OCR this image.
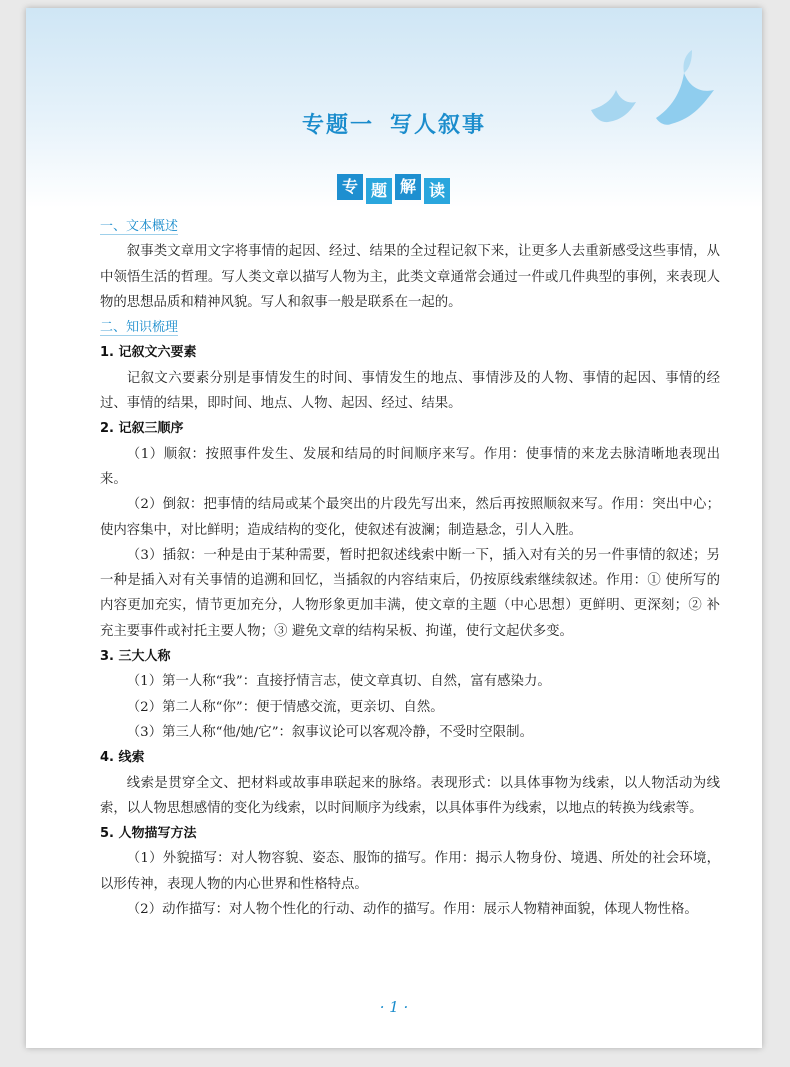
专题一 写人叙事
专 题 解 读
一、文本概述

叙事类文章用文字将事情的起因、经过、结果的全过程记叙下来，让更多人去重新感受这些事情，从中领悟生活的哲理。写人类文章以描写人物为主，此类文章通常会通过一件或几件典型的事例，来表现人物的思想品质和精神风貌。写人和叙事一般是联系在一起的。

二、知识梳理
1. 记叙文六要素

记叙文六要素分别是事情发生的时间、事情发生的地点、事情涉及的人物、事情的起因、事情的经过、事情的结果，即时间、地点、人物、起因、经过、结果。

2. 记叙三顺序

（1）顺叙：按照事件发生、发展和结局的时间顺序来写。作用：使事情的来龙去脉清晰地表现出来。

（2）倒叙：把事情的结局或某个最突出的片段先写出来，然后再按照顺叙来写。作用：突出中心；使内容集中，对比鲜明；造成结构的变化，使叙述有波澜；制造悬念，引人入胜。

（3）插叙：一种是由于某种需要，暂时把叙述线索中断一下，插入对有关的另一件事情的叙述；另一种是插入对有关事情的追溯和回忆，当插叙的内容结束后，仍按原线索继续叙述。作用：① 使所写的内容更加充实，情节更加充分，人物形象更加丰满，使文章的主题（中心思想）更鲜明、更深刻；② 补充主要事件或衬托主要人物；③ 避免文章的结构呆板、拘谨，使行文起伏多变。

3. 三大人称

（1）第一人称“我”：直接抒情言志，使文章真切、自然，富有感染力。

（2）第二人称“你”：便于情感交流，更亲切、自然。

（3）第三人称“他/她/它”：叙事议论可以客观冷静，不受时空限制。

4. 线索

线索是贯穿全文、把材料或故事串联起来的脉络。表现形式：以具体事物为线索，以人物活动为线索，以人物思想感情的变化为线索，以时间顺序为线索，以具体事件为线索，以地点的转换为线索等。

5. 人物描写方法

（1）外貌描写：对人物容貌、姿态、服饰的描写。作用：揭示人物身份、境遇、所处的社会环境，以形传神，表现人物的内心世界和性格特点。

（2）动作描写：对人物个性化的行动、动作的描写。作用：展示人物精神面貌，体现人物性格。

· 1 ·
